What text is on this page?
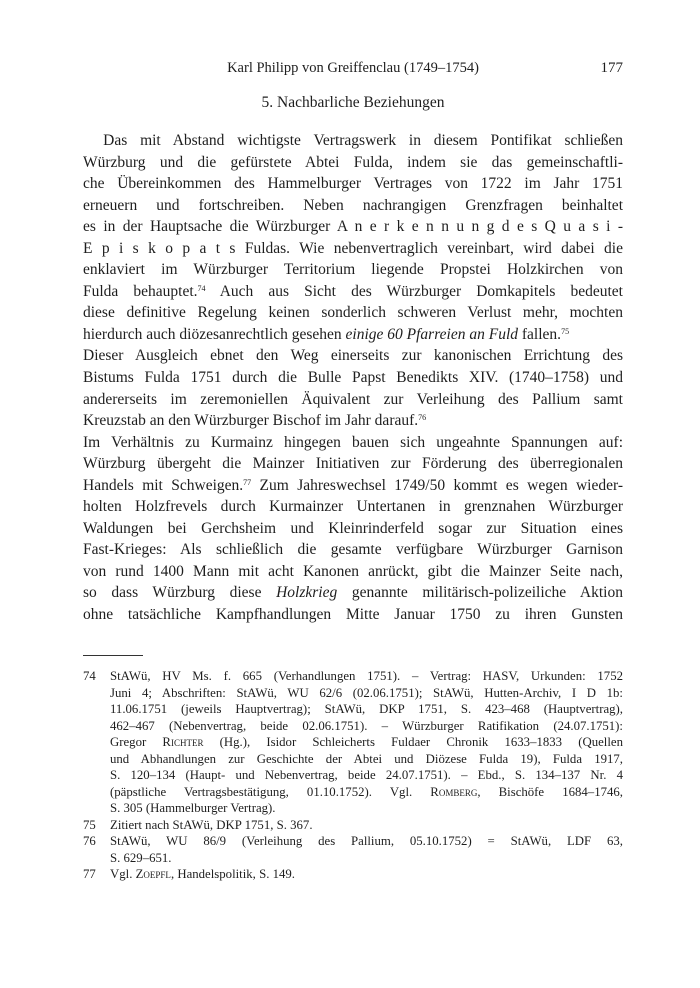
Karl Philipp von Greiffenclau (1749–1754)	177
5. Nachbarliche Beziehungen
Das mit Abstand wichtigste Vertragswerk in diesem Pontifikat schließen
Würzburg und die gefürstete Abtei Fulda, indem sie das gemeinschaftli-
che Übereinkommen des Hammelburger Vertrages von 1722 im Jahr 1751
erneuern und fortschreiben. Neben nachrangigen Grenzfragen beinhaltet
es in der Hauptsache die Würzburger A n e r k e n n u n g d e s Q u a s i -
E p i s k o p a t s Fuldas. Wie nebenvertraglich vereinbart, wird dabei die
enklaviert im Würzburger Territorium liegende Propstei Holzkirchen von
Fulda behauptet.$^{74}$ Auch aus Sicht des Würzburger Domkapitels bedeutet
diese definitive Regelung keinen sonderlich schweren Verlust mehr, mochten
hierdurch auch diözesanrechtlich gesehen einige 60 Pfarreien an Fuld fallen.$^{75}$
Dieser Ausgleich ebnet den Weg einerseits zur kanonischen Errichtung des
Bistums Fulda 1751 durch die Bulle Papst Benedikts XIV. (1740–1758) und
andererseits im zeremoniellen Äquivalent zur Verleihung des Pallium samt
Kreuzstab an den Würzburger Bischof im Jahr darauf.$^{76}$
Im Verhältnis zu Kurmainz hingegen bauen sich ungeahnte Spannungen auf:
Würzburg übergeht die Mainzer Initiativen zur Förderung des überregionalen
Handels mit Schweigen.$^{77}$ Zum Jahreswechsel 1749/50 kommt es wegen wieder-
holten Holzfrevels durch Kurmainzer Untertanen in grenznahen Würzburger
Waldungen bei Gerchsheim und Kleinrinderfeld sogar zur Situation eines
Fast-Krieges: Als schließlich die gesamte verfügbare Würzburger Garnison
von rund 1400 Mann mit acht Kanonen anrückt, gibt die Mainzer Seite nach,
so dass Würzburg diese Holzkrieg genannte militärisch-polizeiliche Aktion
ohne tatsächliche Kampfhandlungen Mitte Januar 1750 zu ihren Gunsten
74 StAWü, HV Ms. f. 665 (Verhandlungen 1751). – Vertrag: HASV, Urkunden: 1752
Juni 4; Abschriften: StAWü, WU 62/6 (02.06.1751); StAWü, Hutten-Archiv, I D 1b:
11.06.1751 (jeweils Hauptvertrag); StAWü, DKP 1751, S. 423–468 (Hauptvertrag),
462–467 (Nebenvertrag, beide 02.06.1751). – Würzburger Ratifikation (24.07.1751):
Gregor Richter (Hg.), Isidor Schleicherts Fuldaer Chronik 1633–1833 (Quellen
und Abhandlungen zur Geschichte der Abtei und Diözese Fulda 19), Fulda 1917,
S. 120–134 (Haupt- und Nebenvertrag, beide 24.07.1751). – Ebd., S. 134–137 Nr. 4
(päpstliche Vertragsbestätigung, 01.10.1752). Vgl. Romberg, Bischöfe 1684–1746,
S. 305 (Hammelburger Vertrag).
75 Zitiert nach StAWü, DKP 1751, S. 367.
76 StAWü, WU 86/9 (Verleihung des Pallium, 05.10.1752) = StAWü, LDF 63,
S. 629–651.
77 Vgl. Zoepfl, Handelspolitik, S. 149.
